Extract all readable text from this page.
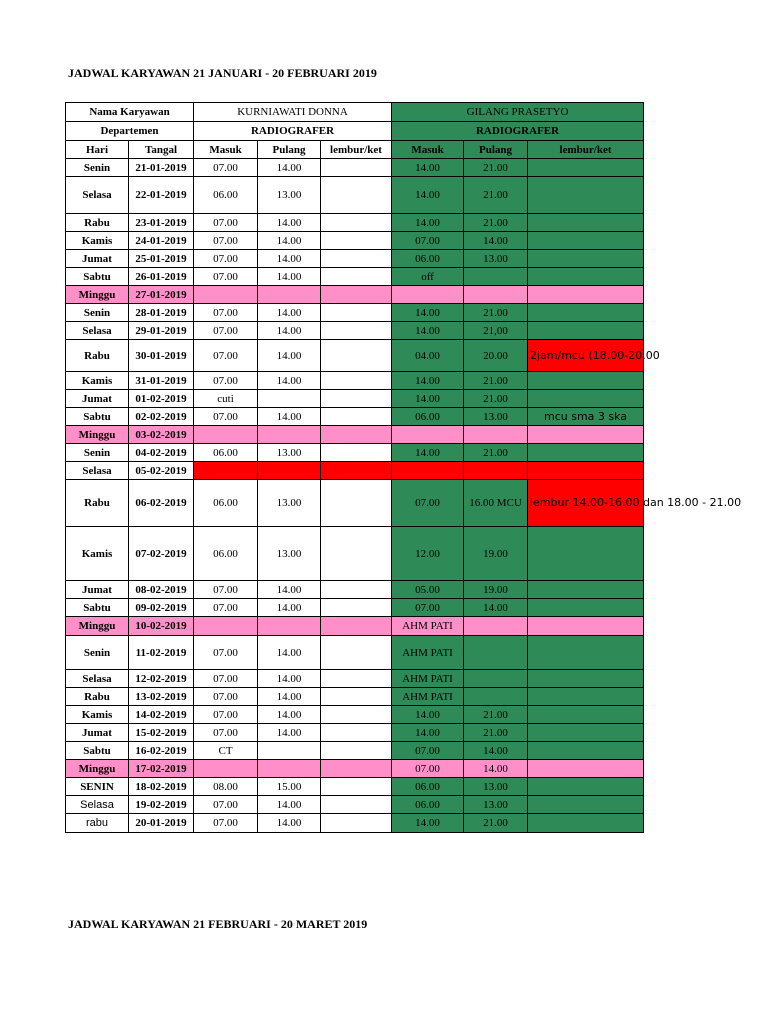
JADWAL KARYAWAN 21 JANUARI - 20 FEBRUARI 2019
Nama Karyawan		KURNIAWATI DONNA			GILANG PRASETYO		
Departemen		RADIOGRAFER			RADIOGRAFER		
Hari	Tangal	Masuk	Pulang	lembur/ket	Masuk	Pulang	lembur/ket
Senin	21-01-2019	07.00	14.00		14.00	21.00	
Selasa	22-01-2019	06.00	13.00		14.00	21.00	
Rabu	23-01-2019	07.00	14.00		14.00	21.00	
Kamis	24-01-2019	07.00	14.00		07.00	14.00	
Jumat	25-01-2019	07.00	14.00		06.00	13.00	
Sabtu	26-01-2019	07.00	14.00		off		
Minggu	27-01-2019						
Senin	28-01-2019	07.00	14.00		14.00	21.00	
Selasa	29-01-2019	07.00	14.00		14.00	21,00	
Rabu	30-01-2019	07.00	14.00		04.00	20.00	2jam/mcu (18.00-20.00
Kamis	31-01-2019	07.00	14.00		14.00	21.00	
Jumat	01-02-2019	cuti			14.00	21.00	
Sabtu	02-02-2019	07.00	14.00		06.00	13.00	mcu sma 3 ska
Minggu	03-02-2019						
Senin	04-02-2019	06.00	13.00		14.00	21.00	
Selasa	05-02-2019						
Rabu	06-02-2019	06.00	13.00		07.00	16.00 MCU	lembur 14.00-16.00 dan 18.00 - 21.00
Kamis	07-02-2019	06.00	13.00		12.00	19.00	
Jumat	08-02-2019	07.00	14.00		05.00	19.00	
Sabtu	09-02-2019	07.00	14.00		07.00	14.00	
Minggu	10-02-2019				AHM PATI		
Senin	11-02-2019	07.00	14.00		AHM PATI		
Selasa	12-02-2019	07.00	14.00		AHM PATI		
Rabu	13-02-2019	07.00	14.00		AHM PATI		
Kamis	14-02-2019	07.00	14.00		14.00	21.00	
Jumat	15-02-2019	07.00	14.00		14.00	21.00	
Sabtu	16-02-2019	CT			07.00	14.00	
Minggu	17-02-2019				07.00	14.00	
SENIN	18-02-2019	08.00	15.00		06.00	13.00	
Selasa	19-02-2019	07.00	14.00		06.00	13.00	
rabu	20-01-2019	07.00	14.00		14.00	21.00	
JADWAL KARYAWAN 21 FEBRUARI - 20 MARET 2019
